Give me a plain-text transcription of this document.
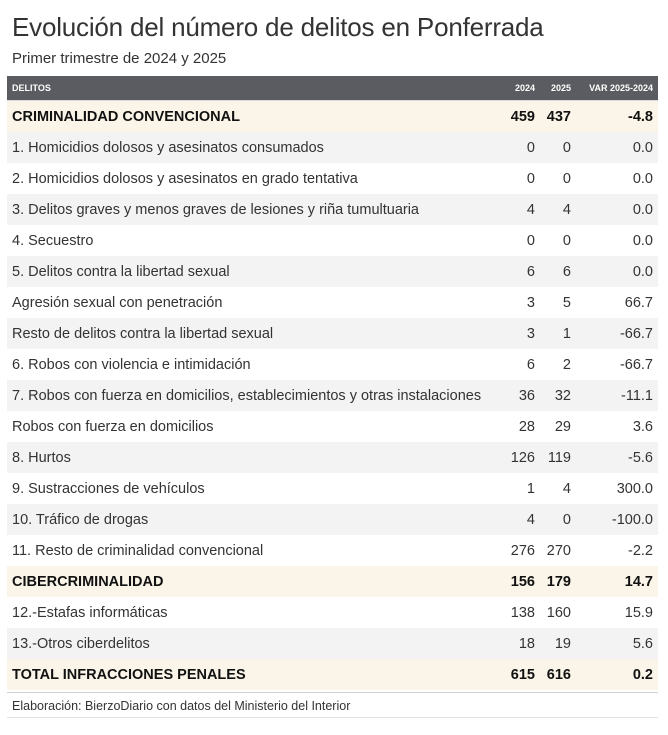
Evolución del número de delitos en Ponferrada
Primer trimestre de 2024 y 2025
DELITOS	2024	2025	VAR 2025-2024
CRIMINALIDAD CONVENCIONAL	459 437	-4.8
1. Homicidios dolosos y asesinatos consumados	0	0	0.0
2. Homicidios dolosos y asesinatos en grado tentativa	0	0	0.0
3. Delitos graves y menos graves de lesiones y riña tumultuaria	4	4	0.0
4. Secuestro	0	0	0.0
5. Delitos contra la libertad sexual	6	6	0.0
Agresión sexual con penetración	3	5	66.7
Resto de delitos contra la libertad sexual	3	1	-66.7
6. Robos con violencia e intimidación	6	2	-66.7
7. Robos con fuerza en domicilios, establecimientos y otras instalaciones	36	32	-11.1
Robos con fuerza en domicilios	28	29	3.6
8. Hurtos	126 119	-5.6
9. Sustracciones de vehículos	1	4	300.0
10. Tráfico de drogas	4	0	-100.0
11. Resto de criminalidad convencional	276 270	-2.2
CIBERCRIMINALIDAD	156 179	14.7
12.-Estafas informáticas	138 160	15.9
13.-Otros ciberdelitos	18	19	5.6
TOTAL INFRACCIONES PENALES	615 616	0.2
Elaboración: BierzoDiario con datos del Ministerio del Interior
